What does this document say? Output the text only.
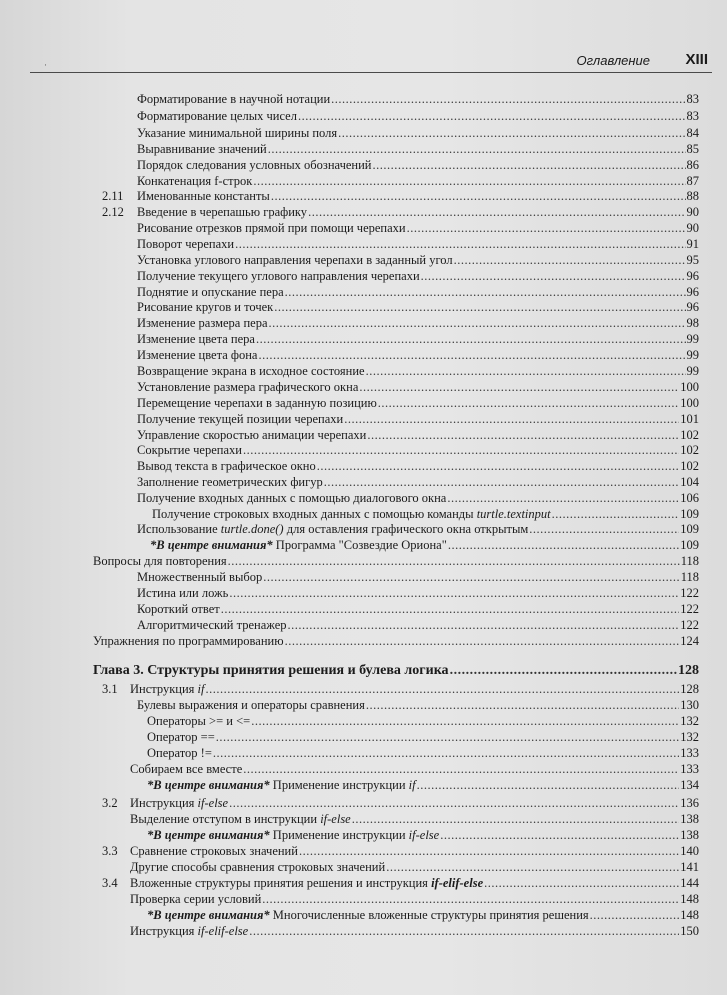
Оглавление XIII
·
Форматирование в научной нотации .....	83
Форматирование целых чисел .....	83
Указание минимальной ширины поля .....	84
Выравнивание значений .....	85
Порядок следования условных обозначений .....	86
Конкатенация f-строк .....	87
2.11 Именованные константы .....	88
2.12 Введение в черепашью графику .....	90
Рисование отрезков прямой при помощи черепахи .....	90
Поворот черепахи .....	91
Установка углового направления черепахи в заданный угол .....	95
Получение текущего углового направления черепахи .....	96
Поднятие и опускание пера .....	96
Рисование кругов и точек .....	96
Изменение размера пера .....	98
Изменение цвета пера .....	99
Изменение цвета фона .....	99
Возвращение экрана в исходное состояние .....	99
Установление размера графического окна .....	100
Перемещение черепахи в заданную позицию .....	100
Получение текущей позиции черепахи .....	101
Управление скоростью анимации черепахи .....	102
Сокрытие черепахи .....	102
Вывод текста в графическое окно .....	102
Заполнение геометрических фигур .....	104
Получение входных данных с помощью диалогового окна .....	106
Получение строковых входных данных с помощью команды turtle.textinput .....	109
Использование turtle.done() для оставления графического окна открытым .....	109
*В центре внимания* Программа "Созвездие Ориона" .....	109
Вопросы для повторения .....	118
Множественный выбор .....	118
Истина или ложь .....	122
Короткий ответ .....	122
Алгоритмический тренажер .....	122
Упражнения по программированию .....	124
Глава 3. Структуры принятия решения и булева логика .....	128
3.1 Инструкция if .....	128
Булевы выражения и операторы сравнения .....	130
Операторы >= и <= .....	132
Оператор == .....	132
Оператор != .....	133
Собираем все вместе .....	133
*В центре внимания* Применение инструкции if .....	134
3.2 Инструкция if-else .....	136
Выделение отступом в инструкции if-else .....	138
*В центре внимания* Применение инструкции if-else .....	138
3.3 Сравнение строковых значений .....	140
Другие способы сравнения строковых значений .....	141
3.4 Вложенные структуры принятия решения и инструкция if-elif-else .....	144
Проверка серии условий .....	148
*В центре внимания* Многочисленные вложенные структуры принятия решения .....	148
Инструкция if-elif-else .....	150
